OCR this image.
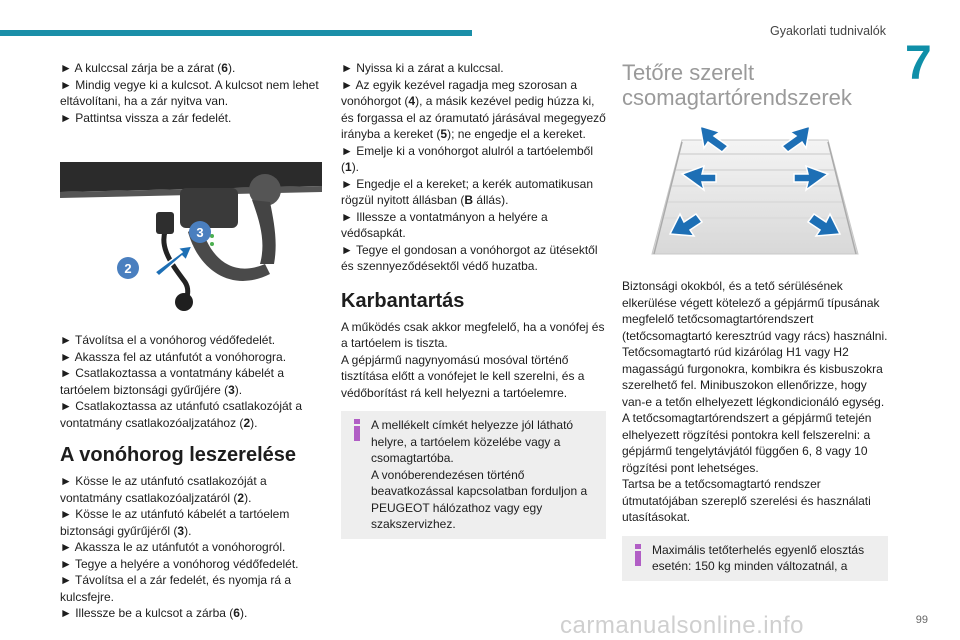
Gyakorlati tudnivalók
7

► A kulccsal zárja be a zárat (6).

► Mindig vegye ki a kulcsot. A kulcsot nem lehet eltávolítani, ha a zár nyitva van.

► Pattintsa vissza a zár fedelét.

2
3

► Távolítsa el a vonóhorog védőfedelét.

► Akassza fel az utánfutót a vonóhorogra.

► Csatlakoztassa a vontatmány kábelét a tartóelem biztonsági gyűrűjére (3).

► Csatlakoztassa az utánfutó csatlakozóját a vontatmány csatlakozóaljzatához (2).

A vonóhorog leszerelése

► Kösse le az utánfutó csatlakozóját a vontatmány csatlakozóaljzatáról (2).

► Kösse le az utánfutó kábelét a tartóelem biztonsági gyűrűjéről (3).

► Akassza le az utánfutót a vonóhorogról.

► Tegye a helyére a vonóhorog védőfedelét.

► Távolítsa el a zár fedelét, és nyomja rá a kulcsfejre.

► Illessze be a kulcsot a zárba (6).

► Nyissa ki a zárat a kulccsal.

► Az egyik kezével ragadja meg szorosan a vonóhorgot (4), a másik kezével pedig húzza ki, és forgassa el az óramutató járásával megegyező irányba a kereket (5); ne engedje el a kereket.

► Emelje ki a vonóhorgot alulról a tartóelemből (1).

► Engedje el a kereket; a kerék automatikusan rögzül nyitott állásban (B állás).

► Illessze a vontatmányon a helyére a védősapkát.

► Tegye el gondosan a vonóhorgot az ütésektől és szennyeződésektől védő huzatba.

Karbantartás

A működés csak akkor megfelelő, ha a vonófej és a tartóelem is tiszta.

A gépjármű nagynyomású mosóval történő tisztítása előtt a vonófejet le kell szerelni, és a védőborítást rá kell helyezni a tartóelemre.

A mellékelt címkét helyezze jól látható helyre, a tartóelem közelébe vagy a csomagtartóba.

A vonóberendezésen történő beavatkozással kapcsolatban forduljon a PEUGEOT hálózathoz vagy egy szakszervizhez.

Tetőre szerelt
csomagtartórendszerek

Biztonsági okokból, és a tető sérülésének elkerülése végett kötelező a gépjármű típusának megfelelő tetőcsomagtartórendszert (tetőcsomagtartó keresztrúd vagy rács) használni.

Tetőcsomagtartó rúd kizárólag H1 vagy H2 magasságú furgonokra, kombikra és kisbuszokra szerelhető fel. Minibuszokon ellenőrizze, hogy van-e a tetőn elhelyezett légkondicionáló egység.

A tetőcsomagtartórendszert a gépjármű tetején elhelyezett rögzítési pontokra kell felszerelni: a gépjármű tengelytávjától függően 6, 8 vagy 10 rögzítési pont lehetséges.

Tartsa be a tetőcsomagtartó rendszer útmutatójában szereplő szerelési és használati utasításokat.

Maximális tetőterhelés egyenlő elosztás esetén: 150 kg minden változatnál, a

carmanualsonline.info	99
